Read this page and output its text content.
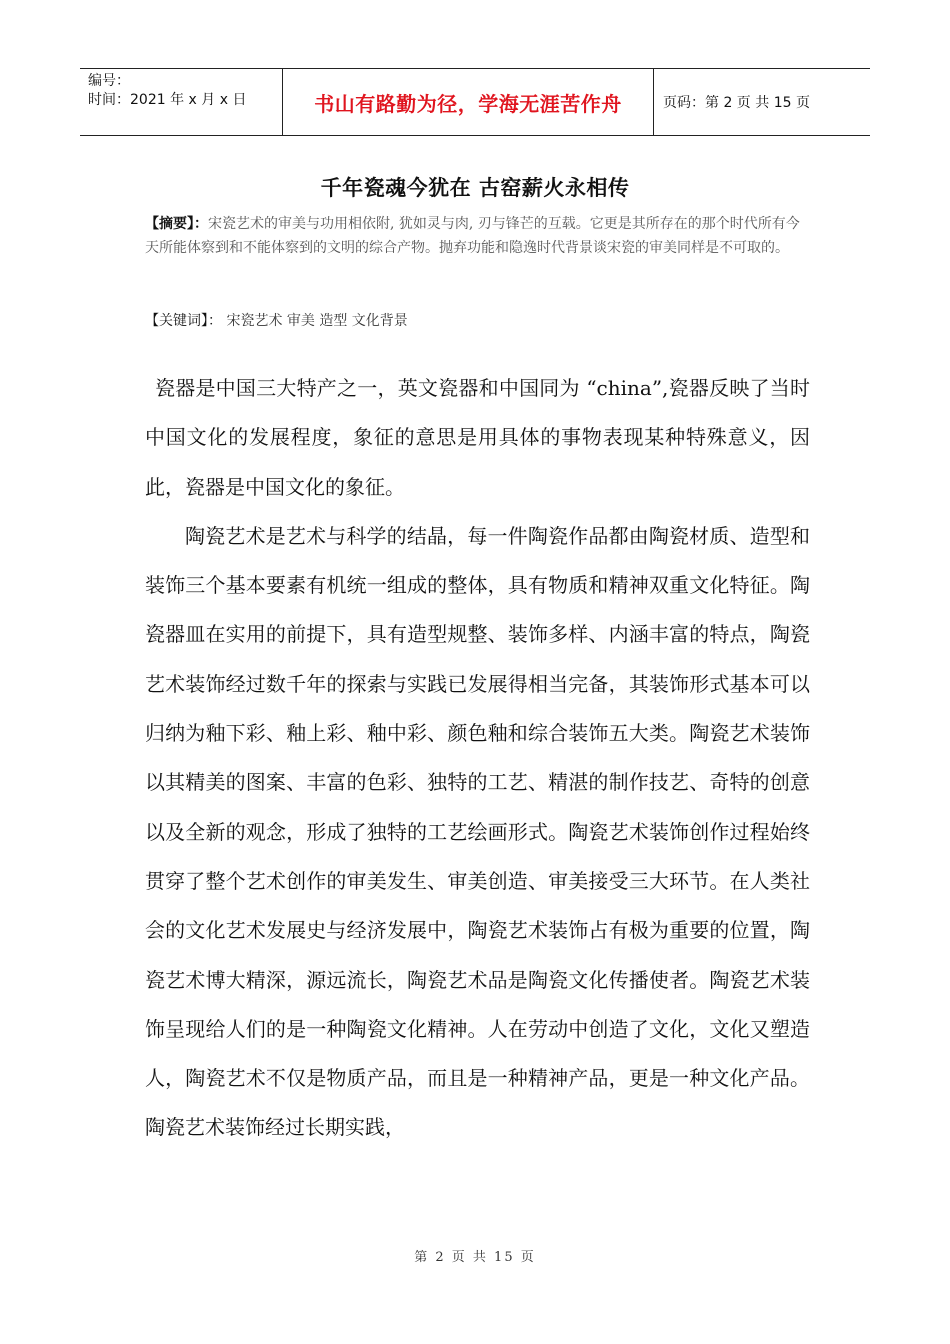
编号：
时间：2021 年 x 月 x 日	书山有路勤为径，学海无涯苦作舟	页码：第 2 页 共 15 页
千年瓷魂今犹在 古窑薪火永相传
【摘要】：宋瓷艺术的审美与功用相依附, 犹如灵与肉, 刃与锋芒的互载。它更是其所存在的那个时代所有今天所能体察到和不能体察到的文明的综合产物。抛弃功能和隐逸时代背景谈宋瓷的审美同样是不可取的。
【关键词】： 宋瓷艺术 审美 造型 文化背景

瓷器是中国三大特产之一，英文瓷器和中国同为 “china”,瓷器反映了当时中国文化的发展程度，象征的意思是用具体的事物表现某种特殊意义，因此，瓷器是中国文化的象征。

陶瓷艺术是艺术与科学的结晶，每一件陶瓷作品都由陶瓷材质、造型和装饰三个基本要素有机统一组成的整体，具有物质和精神双重文化特征。陶瓷器皿在实用的前提下，具有造型规整、装饰多样、内涵丰富的特点，陶瓷艺术装饰经过数千年的探索与实践已发展得相当完备，其装饰形式基本可以归纳为釉下彩、釉上彩、釉中彩、颜色釉和综合装饰五大类。陶瓷艺术装饰以其精美的图案、丰富的色彩、独特的工艺、精湛的制作技艺、奇特的创意以及全新的观念，形成了独特的工艺绘画形式。陶瓷艺术装饰创作过程始终贯穿了整个艺术创作的审美发生、审美创造、审美接受三大环节。在人类社会的文化艺术发展史与经济发展中，陶瓷艺术装饰占有极为重要的位置，陶瓷艺术博大精深，源远流长，陶瓷艺术品是陶瓷文化传播使者。陶瓷艺术装饰呈现给人们的是一种陶瓷文化精神。人在劳动中创造了文化，文化又塑造人，陶瓷艺术不仅是物质产品，而且是一种精神产品，更是一种文化产品。陶瓷艺术装饰经过长期实践，

第 2 页 共 15 页
